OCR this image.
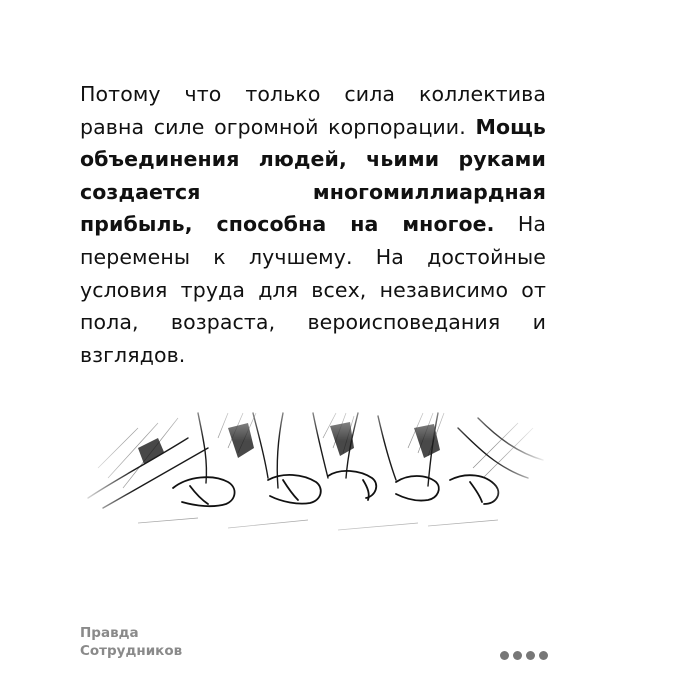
Потому что только сила коллектива равна силе огромной корпорации. Мощь объединения людей, чьими руками создается многомиллиардная прибыль, способна на многое. На перемены к лучшему. На достойные условия труда для всех, независимо от пола, возраста, вероисповедания и взглядов.

Правда
Сотрудников
